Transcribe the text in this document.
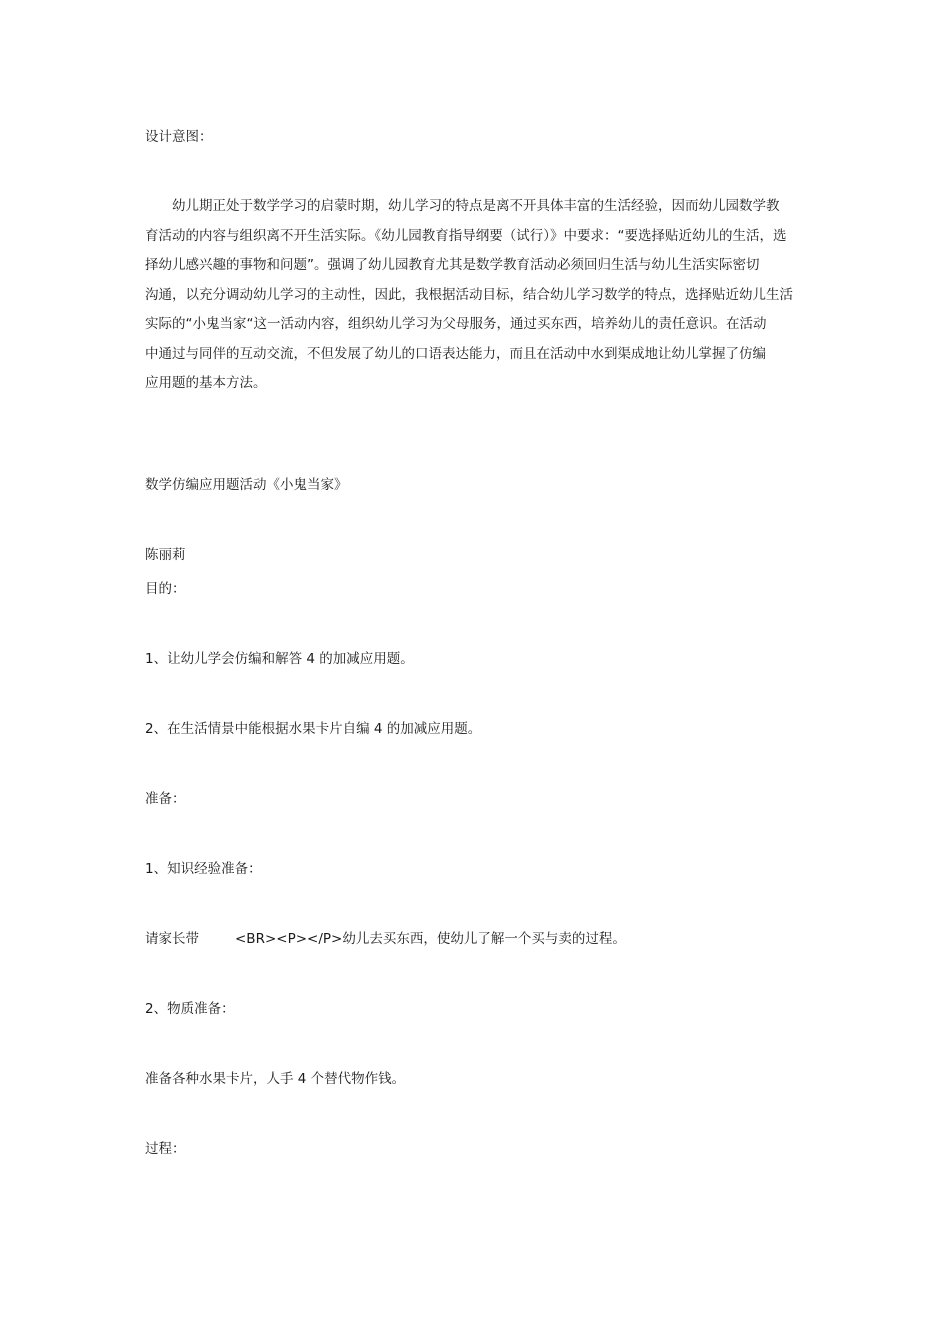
设计意图：
幼儿期正处于数学学习的启蒙时期，幼儿学习的特点是离不开具体丰富的生活经验，因而幼儿园数学教
育活动的内容与组织离不开生活实际。《幼儿园教育指导纲要（试行）》中要求：“要选择贴近幼儿的生活，选
择幼儿感兴趣的事物和问题”。强调了幼儿园教育尤其是数学教育活动必须回归生活与幼儿生活实际密切
沟通，以充分调动幼儿学习的主动性，因此，我根据活动目标，结合幼儿学习数学的特点，选择贴近幼儿生活
实际的“小鬼当家“这一活动内容，组织幼儿学习为父母服务，通过买东西，培养幼儿的责任意识。在活动
中通过与同伴的互动交流，不但发展了幼儿的口语表达能力，而且在活动中水到渠成地让幼儿掌握了仿编
应用题的基本方法。
数学仿编应用题活动《小鬼当家》
陈丽莉
目的：
1、让幼儿学会仿编和解答 4 的加减应用题。
2、在生活情景中能根据水果卡片自编 4 的加减应用题。
准备：
1、知识经验准备：
请家长带	<BR><P></P>幼儿去买东西，使幼儿了解一个买与卖的过程。
2、物质准备：
准备各种水果卡片，人手 4 个替代物作钱。
过程：
